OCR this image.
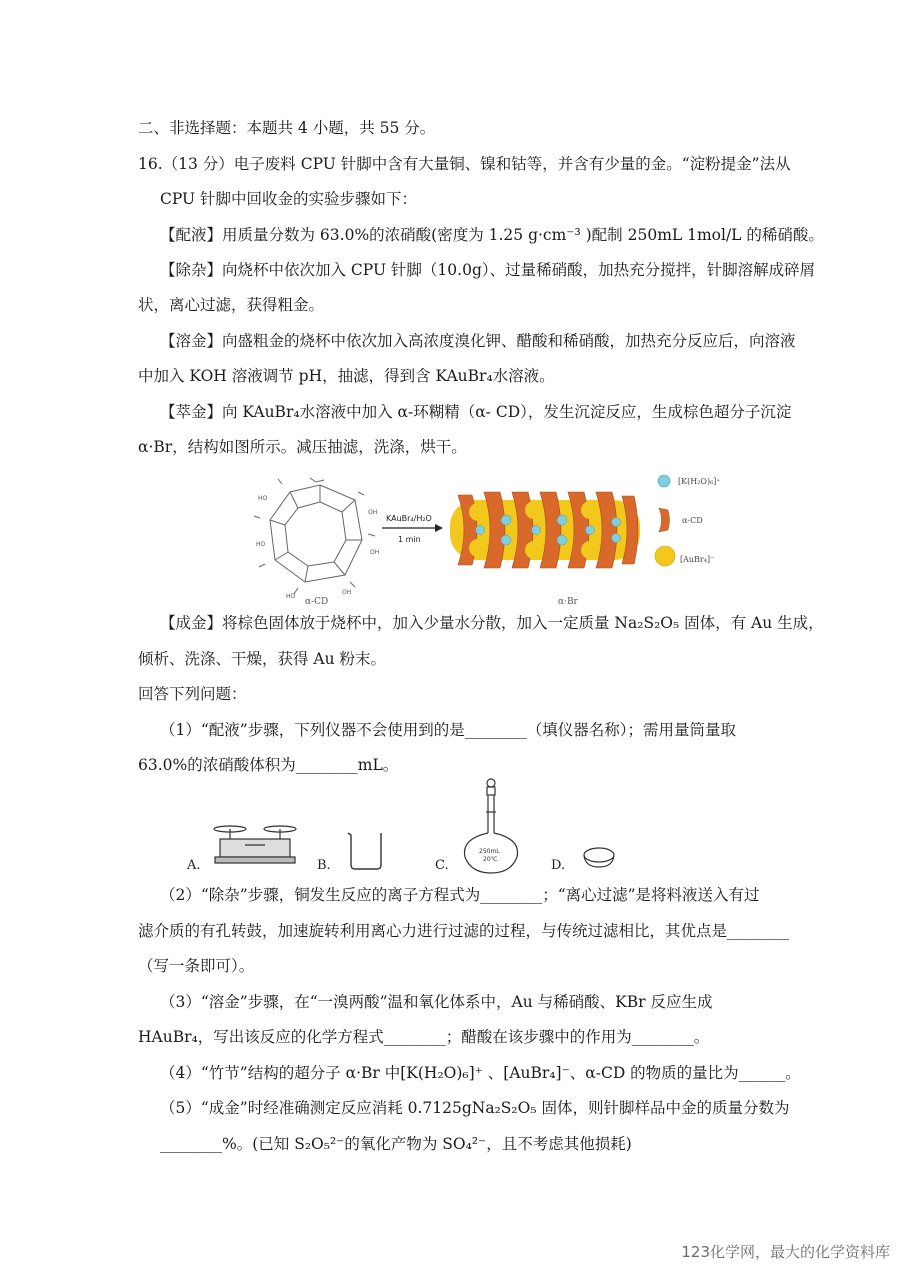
二、非选择题：本题共 4 小题，共 55 分。
16.（13 分）电子废料 CPU 针脚中含有大量铜、镍和钴等，并含有少量的金。“淀粉提金”法从
CPU 针脚中回收金的实验步骤如下：
【配液】用质量分数为 63.0%的浓硝酸(密度为 1.25 g·cm⁻³ )配制 250mL 1mol/L 的稀硝酸。
【除杂】向烧杯中依次加入 CPU 针脚（10.0g）、过量稀硝酸，加热充分搅拌，针脚溶解成碎屑
状，离心过滤，获得粗金。
【溶金】向盛粗金的烧杯中依次加入高浓度溴化钾、醋酸和稀硝酸，加热充分反应后，向溶液
中加入 KOH 溶液调节 pH，抽滤，得到含 KAuBr₄水溶液。
【萃金】向 KAuBr₄水溶液中加入 α-环糊精（α- CD），发生沉淀反应，生成棕色超分子沉淀
α·Br，结构如图所示。减压抽滤，洗涤，烘干。
HO
OH
OH
HO
HO
OH
α-CD
KAuBr₄/H₂O
1 min
α·Br
[K(H₂O)₆]⁺
α-CD
[AuBr₄]⁻
【成金】将棕色固体放于烧杯中，加入少量水分散，加入一定质量 Na₂S₂O₅ 固体，有 Au 生成，
倾析、洗涤、干燥，获得 Au 粉末。
回答下列问题：
（1）“配液”步骤，下列仪器不会使用到的是________（填仪器名称）；需用量筒量取
63.0%的浓硝酸体积为________mL。
A.	B.
250mL
20℃
C.	D.
（2）“除杂”步骤，铜发生反应的离子方程式为________；“离心过滤”是将料液送入有过
滤介质的有孔转鼓，加速旋转利用离心力进行过滤的过程，与传统过滤相比，其优点是________
（写一条即可）。
（3）“溶金”步骤，在“一溴两酸”温和氧化体系中，Au 与稀硝酸、KBr 反应生成
HAuBr₄，写出该反应的化学方程式________；醋酸在该步骤中的作用为________。
（4）“竹节”结构的超分子 α·Br 中[K(H₂O)₆]⁺ 、[AuBr₄]⁻、α-CD 的物质的量比为______。
（5）“成金”时经准确测定反应消耗 0.7125gNa₂S₂O₅ 固体，则针脚样品中金的质量分数为
________%。(已知 S₂O₅²⁻的氧化产物为 SO₄²⁻，且不考虑其他损耗)
123化学网，最大的化学资料库
